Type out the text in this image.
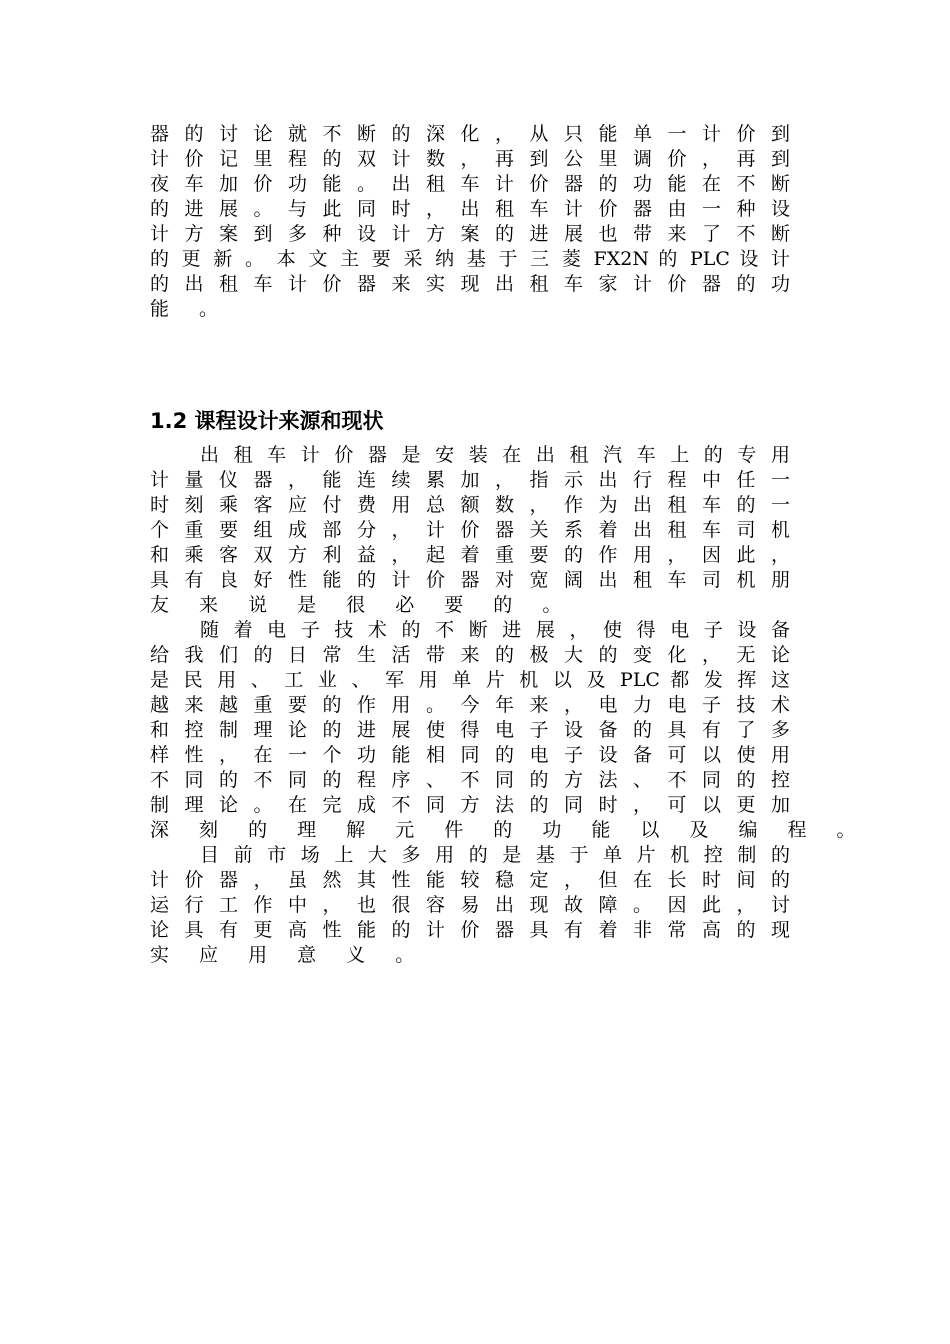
器 的 讨 论 就 不 断 的 深 化 ， 从 只 能 单 一 计 价 到
计 价 记 里 程 的 双 计 数 ， 再 到 公 里 调 价 ， 再 到
夜 车 加 价 功 能 。 出 租 车 计 价 器 的 功 能 在 不 断
的 进 展 。 与 此 同 时 ， 出 租 车 计 价 器 由 一 种 设
计 方 案 到 多 种 设 计 方 案 的 进 展 也 带 来 了 不 断
的 更 新 。 本 文 主 要 采 纳 基 于 三 菱 FX2N 的 PLC 设 计
的 出 租 车 计 价 器 来 实 现 出 租 车 家 计 价 器 的 功
能 。
1.2 课程设计来源和现状
出 租 车 计 价 器 是 安 装 在 出 租 汽 车 上 的 专 用
计 量 仪 器 ， 能 连 续 累 加 ， 指 示 出 行 程 中 任 一
时 刻 乘 客 应 付 费 用 总 额 数 ， 作 为 出 租 车 的 一
个 重 要 组 成 部 分 ， 计 价 器 关 系 着 出 租 车 司 机
和 乘 客 双 方 利 益 ， 起 着 重 要 的 作 用 ， 因 此 ，
具 有 良 好 性 能 的 计 价 器 对 宽 阔 出 租 车 司 机 朋
友 来 说 是 很 必 要 的 。
随 着 电 子 技 术 的 不 断 进 展 ， 使 得 电 子 设 备
给 我 们 的 日 常 生 活 带 来 的 极 大 的 变 化 ， 无 论
是 民 用 、 工 业 、 军 用 单 片 机 以 及 PLC 都 发 挥 这
越 来 越 重 要 的 作 用 。 今 年 来 ， 电 力 电 子 技 术
和 控 制 理 论 的 进 展 使 得 电 子 设 备 的 具 有 了 多
样 性 ， 在 一 个 功 能 相 同 的 电 子 设 备 可 以 使 用
不 同 的 不 同 的 程 序 、 不 同 的 方 法 、 不 同 的 控
制 理 论 。 在 完 成 不 同 方 法 的 同 时 ， 可 以 更 加
深 刻 的 理 解 元 件 的 功 能 以 及 编 程 。
目 前 市 场 上 大 多 用 的 是 基 于 单 片 机 控 制 的
计 价 器 ， 虽 然 其 性 能 较 稳 定 ， 但 在 长 时 间 的
运 行 工 作 中 ， 也 很 容 易 出 现 故 障 。 因 此 ， 讨
论 具 有 更 高 性 能 的 计 价 器 具 有 着 非 常 高 的 现
实 应 用 意 义 。
